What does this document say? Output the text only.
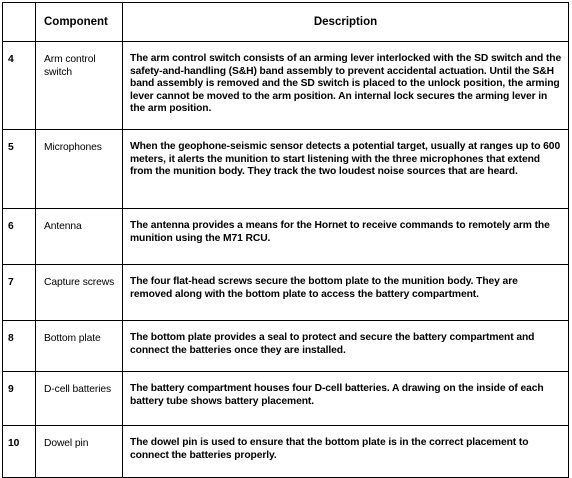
	Component	Description
4	Arm control switch	The arm control switch consists of an arming lever interlocked with the SD switch and the safety-and-handling (S&H) band assembly to prevent accidental actuation. Until the S&H band assembly is removed and the SD switch is placed to the unlock position, the arming lever cannot be moved to the arm position. An internal lock secures the arming lever in the arm position.
5	Microphones	When the geophone-seismic sensor detects a potential target, usually at ranges up to 600 meters, it alerts the munition to start listening with the three microphones that extend from the munition body. They track the two loudest noise sources that are heard.
6	Antenna	The antenna provides a means for the Hornet to receive commands to remotely arm the munition using the M71 RCU.
7	Capture screws	The four flat-head screws secure the bottom plate to the munition body. They are removed along with the bottom plate to access the battery compartment.
8	Bottom plate	The bottom plate provides a seal to protect and secure the battery compartment and connect the batteries once they are installed.
9	D-cell batteries	The battery compartment houses four D-cell batteries. A drawing on the inside of each battery tube shows battery placement.
10	Dowel pin	The dowel pin is used to ensure that the bottom plate is in the correct placement to connect the batteries properly.
